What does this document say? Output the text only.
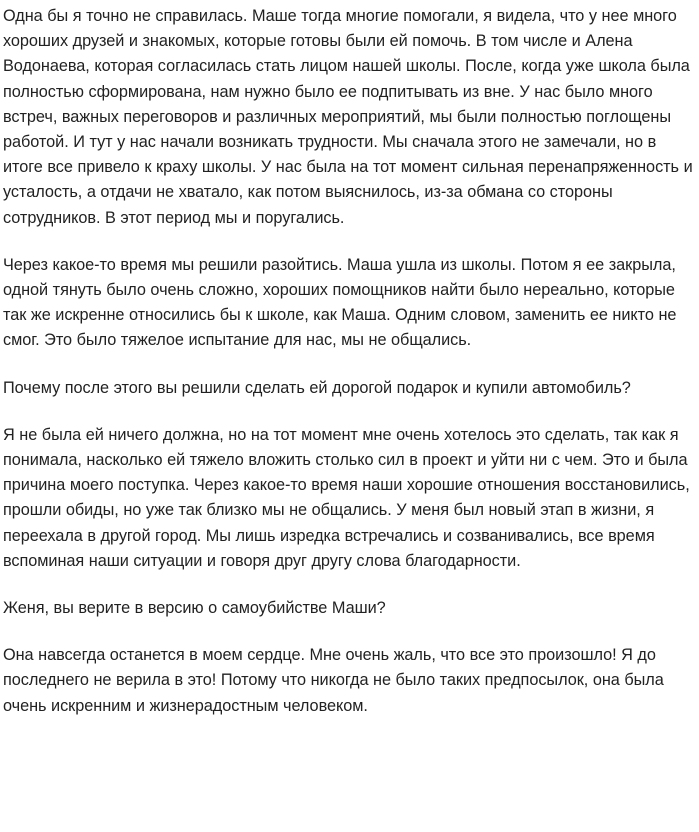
Одна бы я точно не справилась. Маше тогда многие помогали, я видела, что у нее много хороших друзей и знакомых, которые готовы были ей помочь. В том числе и Алена Водонаева, которая согласилась стать лицом нашей школы. После, когда уже школа была полностью сформирована, нам нужно было ее подпитывать из вне. У нас было много встреч, важных переговоров и различных мероприятий, мы были полностью поглощены работой. И тут у нас начали возникать трудности. Мы сначала этого не замечали, но в итоге все привело к краху школы. У нас была на тот момент сильная перенапряженность и усталость, а отдачи не хватало, как потом выяснилось, из-за обмана со стороны сотрудников. В этот период мы и поругались.

Через какое-то время мы решили разойтись. Маша ушла из школы. Потом я ее закрыла, одной тянуть было очень сложно, хороших помощников найти было нереально, которые так же искренне относились бы к школе, как Маша. Одним словом, заменить ее никто не смог. Это было тяжелое испытание для нас, мы не общались.

Почему после этого вы решили сделать ей дорогой подарок и купили автомобиль?

Я не была ей ничего должна, но на тот момент мне очень хотелось это сделать, так как я понимала, насколько ей тяжело вложить столько сил в проект и уйти ни с чем. Это и была причина моего поступка. Через какое-то время наши хорошие отношения восстановились, прошли обиды, но уже так близко мы не общались. У меня был новый этап в жизни, я переехала в другой город. Мы лишь изредка встречались и созванивались, все время вспоминая наши ситуации и говоря друг другу слова благодарности.

Женя, вы верите в версию о самоубийстве Маши?

Она навсегда останется в моем сердце. Мне очень жаль, что все это произошло! Я до последнего не верила в это! Потому что никогда не было таких предпосылок, она была очень искренним и жизнерадостным человеком.
